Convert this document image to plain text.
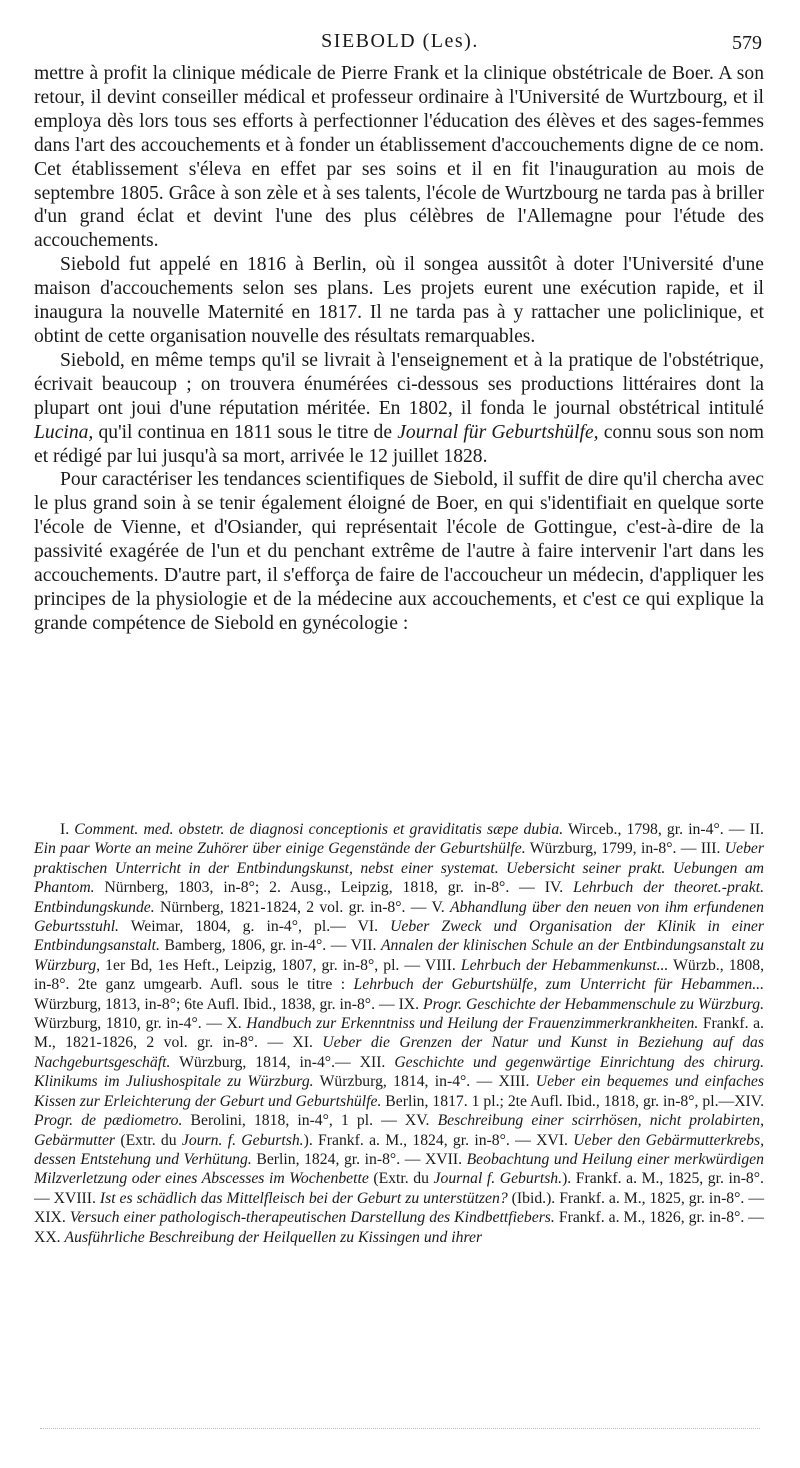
SIEBOLD (Les).	579

mettre à profit la clinique médicale de Pierre Frank et la clinique obstétricale de Boer. A son retour, il devint conseiller médical et professeur ordinaire à l'Université de Wurtzbourg, et il employa dès lors tous ses efforts à perfectionner l'éducation des élèves et des sages-femmes dans l'art des accouchements et à fonder un établissement d'accouchements digne de ce nom. Cet établissement s'éleva en effet par ses soins et il en fit l'inauguration au mois de septembre 1805. Grâce à son zèle et à ses talents, l'école de Wurtzbourg ne tarda pas à briller d'un grand éclat et devint l'une des plus célèbres de l'Allemagne pour l'étude des accouchements.

Siebold fut appelé en 1816 à Berlin, où il songea aussitôt à doter l'Université d'une maison d'accouchements selon ses plans. Les projets eurent une exécution rapide, et il inaugura la nouvelle Maternité en 1817. Il ne tarda pas à y rattacher une policlinique, et obtint de cette organisation nouvelle des résultats remarquables.

Siebold, en même temps qu'il se livrait à l'enseignement et à la pratique de l'obstétrique, écrivait beaucoup ; on trouvera énumérées ci-dessous ses productions littéraires dont la plupart ont joui d'une réputation méritée. En 1802, il fonda le journal obstétrical intitulé Lucina, qu'il continua en 1811 sous le titre de Journal für Geburtshülfe, connu sous son nom et rédigé par lui jusqu'à sa mort, arrivée le 12 juillet 1828.

Pour caractériser les tendances scientifiques de Siebold, il suffit de dire qu'il chercha avec le plus grand soin à se tenir également éloigné de Boer, en qui s'identifiait en quelque sorte l'école de Vienne, et d'Osiander, qui représentait l'école de Gottingue, c'est-à-dire de la passivité exagérée de l'un et du penchant extrême de l'autre à faire intervenir l'art dans les accouchements. D'autre part, il s'efforça de faire de l'accoucheur un médecin, d'appliquer les principes de la physiologie et de la médecine aux accouchements, et c'est ce qui explique la grande compétence de Siebold en gynécologie :

I. Comment. med. obstetr. de diagnosi conceptionis et graviditatis sæpe dubia. Wirceb., 1798, gr. in-4°. — II. Ein paar Worte an meine Zuhörer über einige Gegenstände der Geburtshülfe. Würzburg, 1799, in-8°. — III. Ueber praktischen Unterricht in der Entbindungskunst, nebst einer systemat. Uebersicht seiner prakt. Uebungen am Phantom. Nürnberg, 1803, in-8°; 2. Ausg., Leipzig, 1818, gr. in-8°. — IV. Lehrbuch der theoret.-prakt. Entbindungskunde. Nürnberg, 1821-1824, 2 vol. gr. in-8°. — V. Abhandlung über den neuen von ihm erfundenen Geburtsstuhl. Weimar, 1804, g. in-4°, pl.— VI. Ueber Zweck und Organisation der Klinik in einer Entbindungsanstalt. Bamberg, 1806, gr. in-4°. — VII. Annalen der klinischen Schule an der Entbindungsanstalt zu Würzburg, 1er Bd, 1es Heft., Leipzig, 1807, gr. in-8°, pl. — VIII. Lehrbuch der Hebammenkunst... Würzb., 1808, in-8°. 2te ganz umgearb. Aufl. sous le titre : Lehrbuch der Geburtshülfe, zum Unterricht für Hebammen... Würzburg, 1813, in-8°; 6te Aufl. Ibid., 1838, gr. in-8°. — IX. Progr. Geschichte der Hebammenschule zu Würzburg. Würzburg, 1810, gr. in-4°. — X. Handbuch zur Erkenntniss und Heilung der Frauenzimmerkrankheiten. Frankf. a. M., 1821-1826, 2 vol. gr. in-8°. — XI. Ueber die Grenzen der Natur und Kunst in Beziehung auf das Nachgeburtsgeschäft. Würzburg, 1814, in-4°.— XII. Geschichte und gegenwärtige Einrichtung des chirurg. Klinikums im Juliushospitale zu Würzburg. Würzburg, 1814, in-4°. — XIII. Ueber ein bequemes und einfaches Kissen zur Erleichterung der Geburt und Geburtshülfe. Berlin, 1817. 1 pl.; 2te Aufl. Ibid., 1818, gr. in-8°, pl.—XIV. Progr. de pædiometro. Berolini, 1818, in-4°, 1 pl. — XV. Beschreibung einer scirrhösen, nicht prolabirten, Gebärmutter (Extr. du Journ. f. Geburtsh.). Frankf. a. M., 1824, gr. in-8°. — XVI. Ueber den Gebärmutterkrebs, dessen Entstehung und Verhütung. Berlin, 1824, gr. in-8°. — XVII. Beobachtung und Heilung einer merkwürdigen Milzverletzung oder eines Abscesses im Wochenbette (Extr. du Journal f. Geburtsh.). Frankf. a. M., 1825, gr. in-8°. — XVIII. Ist es schädlich das Mittelfleisch bei der Geburt zu unterstützen? (Ibid.). Frankf. a. M., 1825, gr. in-8°. — XIX. Versuch einer pathologisch-therapeutischen Darstellung des Kindbettfiebers. Frankf. a. M., 1826, gr. in-8°. — XX. Ausführliche Beschreibung der Heilquellen zu Kissingen und ihrer
